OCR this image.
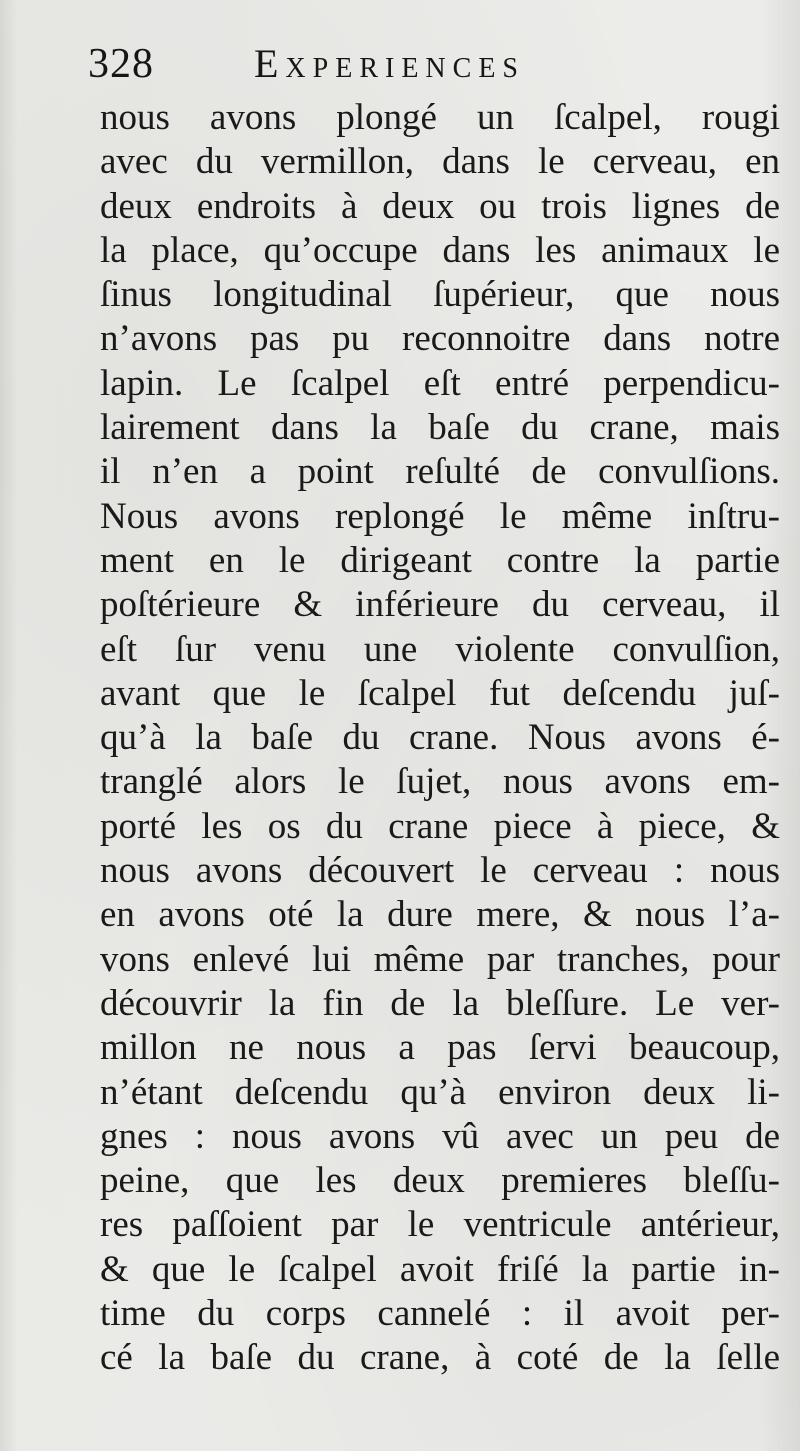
328	Experiences
nous avons plongé un ſcalpel, rougi
avec du vermillon, dans le cerveau, en
deux endroits à deux ou trois lignes de
la place, qu’occupe dans les animaux le
ſinus longitudinal ſupérieur, que nous
n’avons pas pu reconnoitre dans notre
lapin. Le ſcalpel eſt entré perpendicu-
lairement dans la baſe du crane, mais
il n’en a point reſulté de convulſions.
Nous avons replongé le même inſtru-
ment en le dirigeant contre la partie
poſtérieure & inférieure du cerveau, il
eſt ſur venu une violente convulſion,
avant que le ſcalpel fut deſcendu juſ-
qu’à la baſe du crane. Nous avons é-
tranglé alors le ſujet, nous avons em-
porté les os du crane piece à piece, &
nous avons découvert le cerveau : nous
en avons oté la dure mere, & nous l’a-
vons enlevé lui même par tranches, pour
découvrir la fin de la bleſſure. Le ver-
millon ne nous a pas ſervi beaucoup,
n’étant deſcendu qu’à environ deux li-
gnes : nous avons vû avec un peu de
peine, que les deux premieres bleſſu-
res paſſoient par le ventricule antérieur,
& que le ſcalpel avoit friſé la partie in-
time du corps cannelé : il avoit per-
cé la baſe du crane, à coté de la ſelle
